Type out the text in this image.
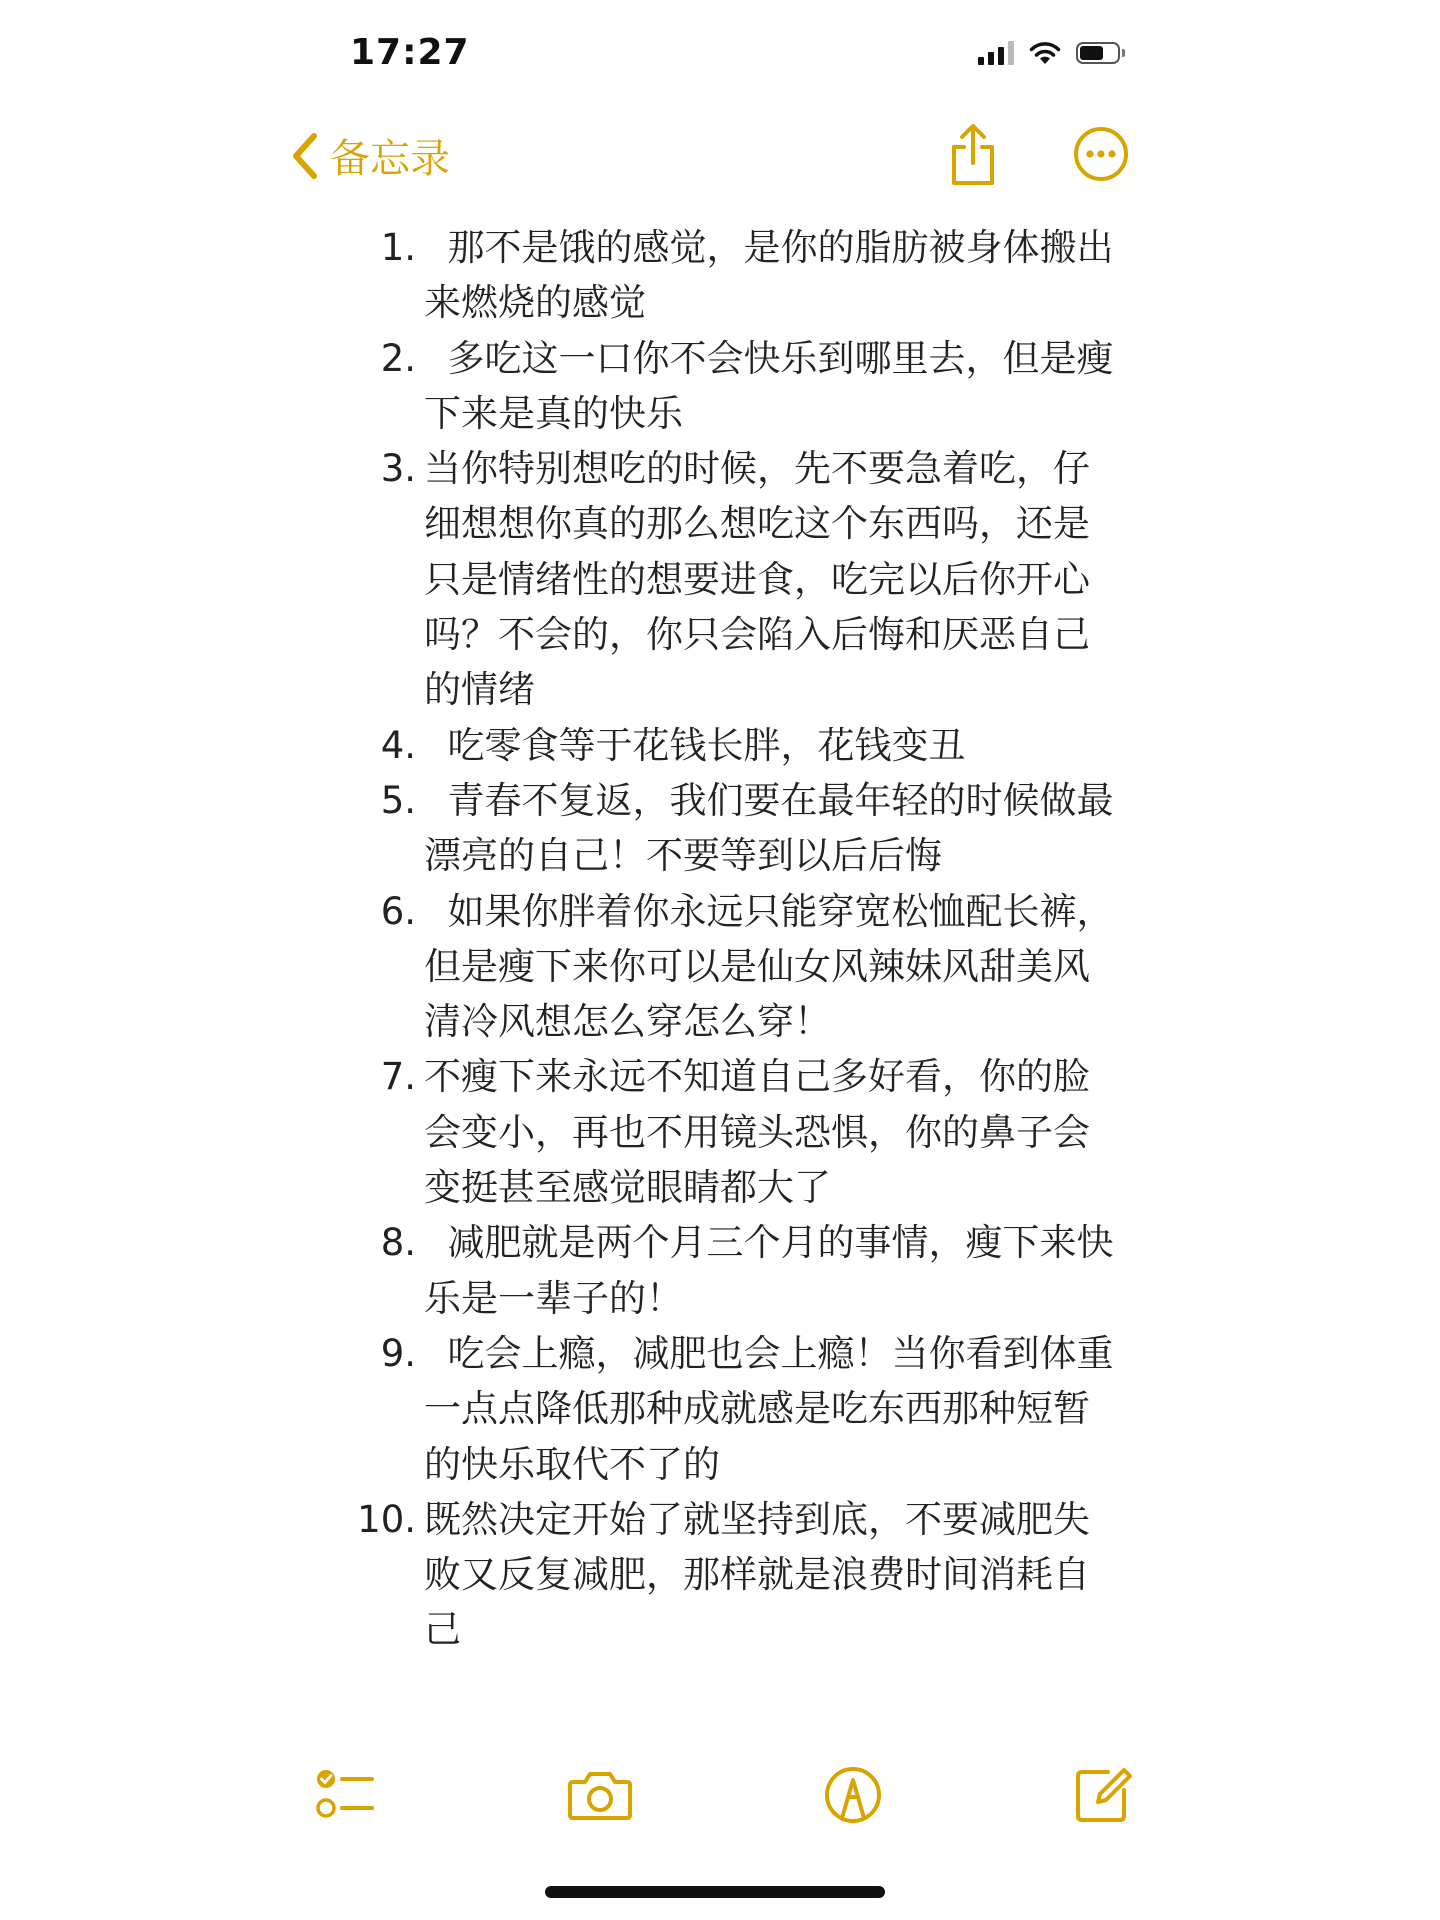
17:27
备忘录
1. 那不是饿的感觉，是你的脂肪被身体搬出来燃烧的感觉
2. 多吃这一口你不会快乐到哪里去，但是瘦下来是真的快乐
3. 当你特别想吃的时候，先不要急着吃，仔细想想你真的那么想吃这个东西吗，还是只是情绪性的想要进食，吃完以后你开心吗？不会的，你只会陷入后悔和厌恶自己的情绪
4. 吃零食等于花钱长胖，花钱变丑
5. 青春不复返，我们要在最年轻的时候做最漂亮的自己！不要等到以后后悔
6. 如果你胖着你永远只能穿宽松恤配长裤，但是瘦下来你可以是仙女风辣妹风甜美风清冷风想怎么穿怎么穿！
7. 不瘦下来永远不知道自己多好看，你的脸会变小，再也不用镜头恐惧，你的鼻子会变挺甚至感觉眼睛都大了
8. 减肥就是两个月三个月的事情，瘦下来快乐是一辈子的！
9. 吃会上瘾，减肥也会上瘾！当你看到体重一点点降低那种成就感是吃东西那种短暂的快乐取代不了的
10. 既然决定开始了就坚持到底，不要减肥失败又反复减肥，那样就是浪费时间消耗自己
